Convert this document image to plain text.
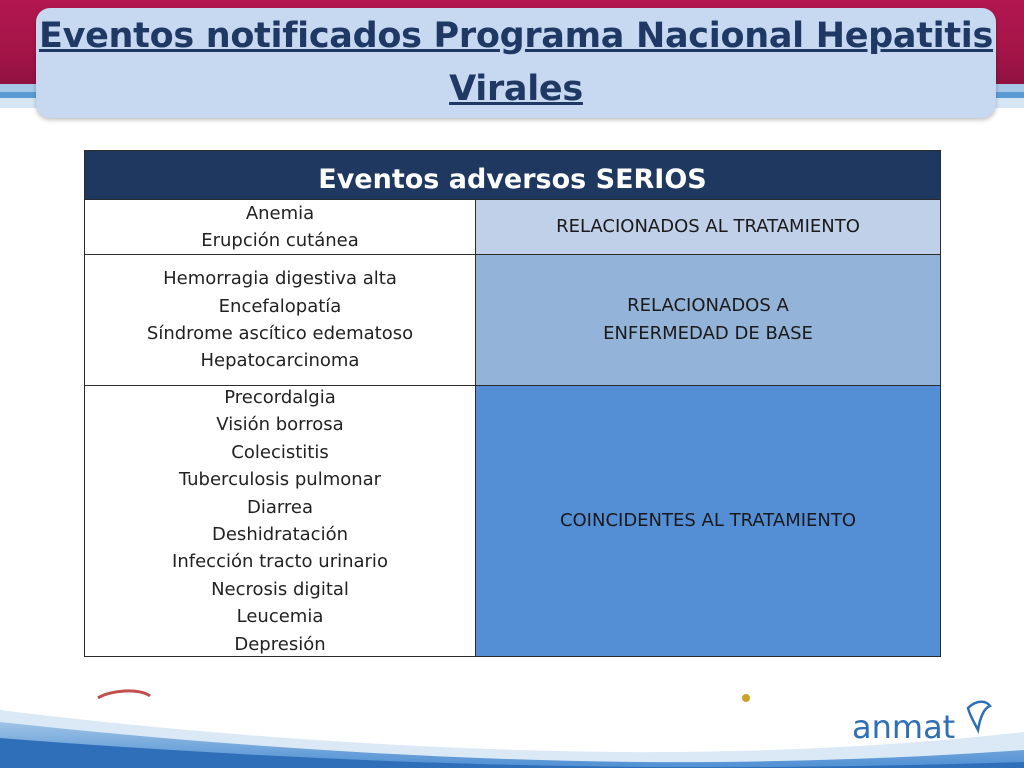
Eventos notificados Programa Nacional Hepatitis Virales
Eventos adversos SERIOS
Anemia
Erupción cutánea
RELACIONADOS AL TRATAMIENTO
Hemorragia digestiva alta
Encefalopatía
Síndrome ascítico edematoso
Hepatocarcinoma
RELACIONADOS A
ENFERMEDAD DE BASE
Precordalgia
Visión borrosa
Colecistitis
Tuberculosis pulmonar
Diarrea
Deshidratación
Infección tracto urinario
Necrosis digital
Leucemia
Depresión
COINCIDENTES AL TRATAMIENTO
anmat
